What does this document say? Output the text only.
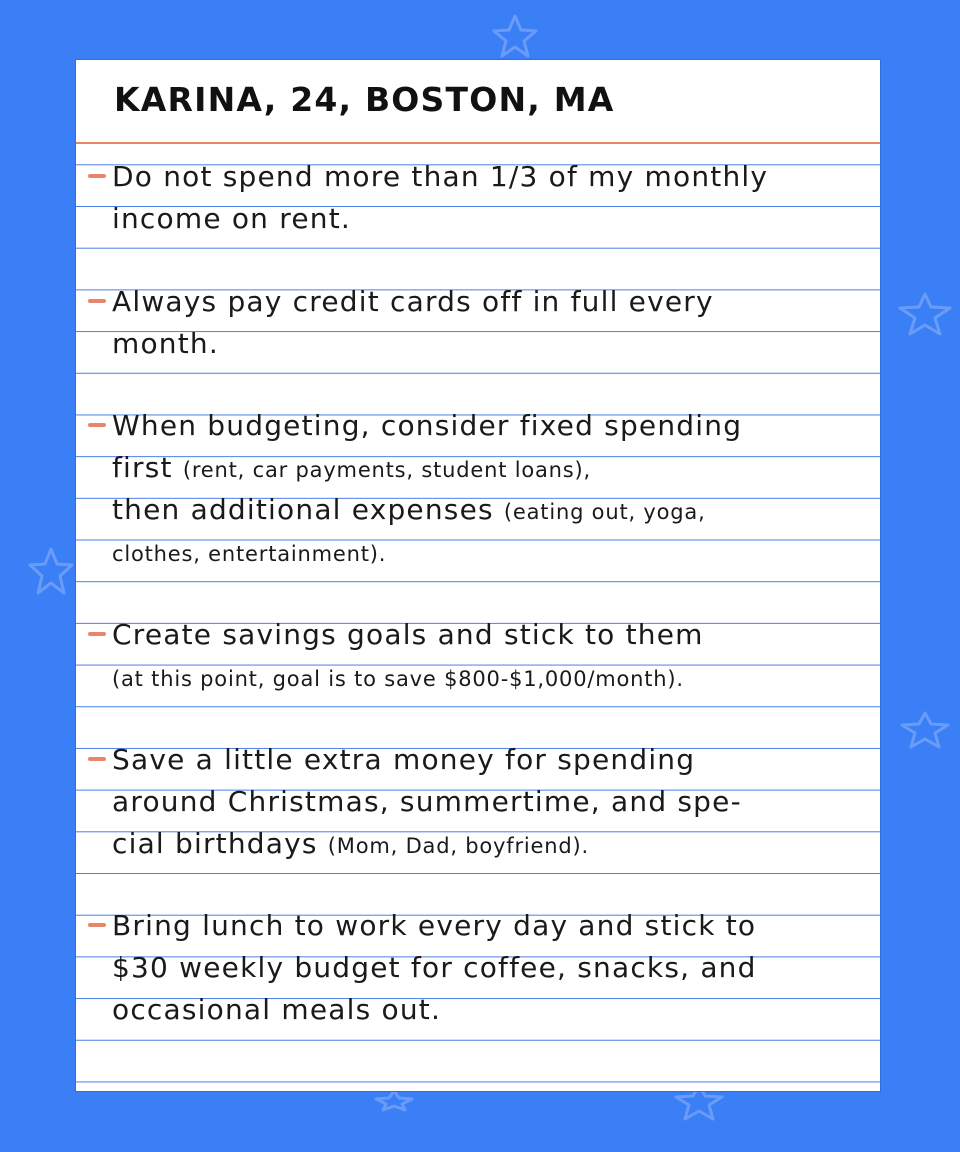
KARINA, 24, BOSTON, MA
Do not spend more than 1/3 of my monthly
income on rent.
Always pay credit cards off in full every
month.
When budgeting, consider fixed spending
first (rent, car payments, student loans),
then additional expenses (eating out, yoga,
clothes, entertainment).
Create savings goals and stick to them
(at this point, goal is to save $800-$1,000/month).
Save a little extra money for spending
around Christmas, summertime, and spe-
cial birthdays (Mom, Dad, boyfriend).
Bring lunch to work every day and stick to
$30 weekly budget for coffee, snacks, and
occasional meals out.
